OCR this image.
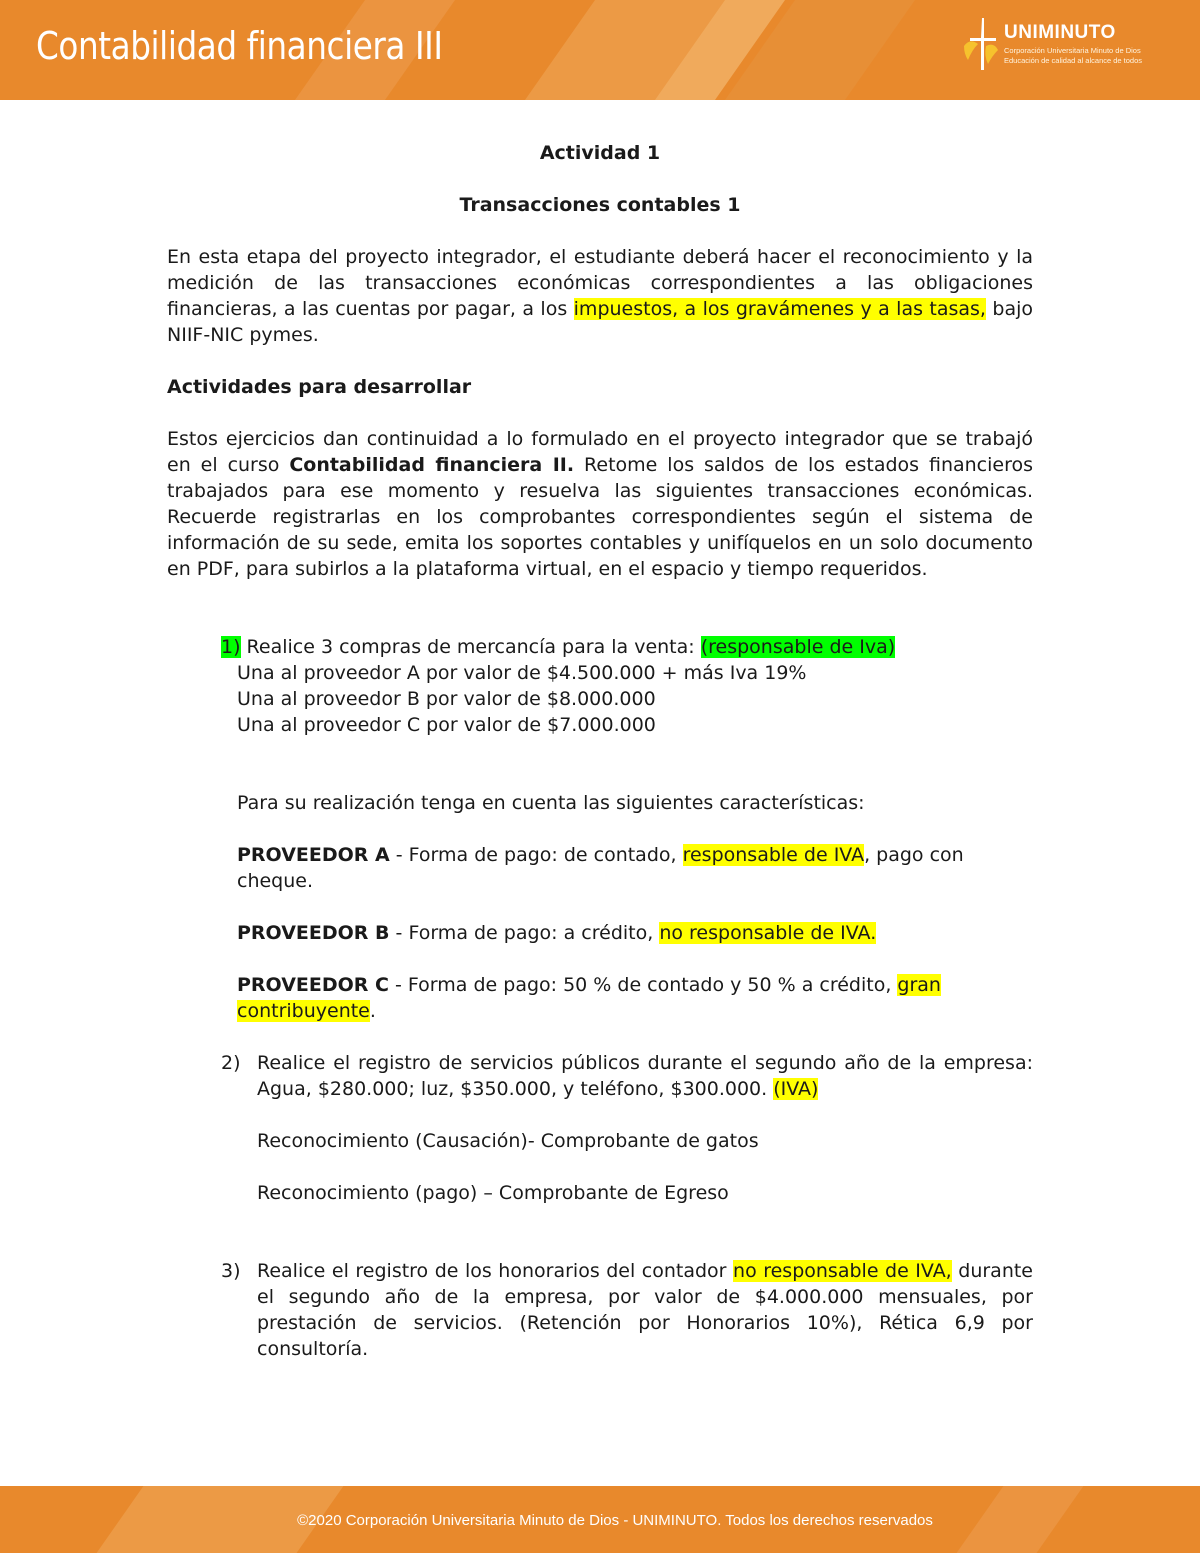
Contabilidad financiera III	UNIMINUTO
Corporación Universitaria Minuto de Dios
Educación de calidad al alcance de todos

Actividad 1

Transacciones contables 1

En esta etapa del proyecto integrador, el estudiante deberá hacer el reconocimiento y la medición de las transacciones económicas correspondientes a las obligaciones financieras, a las cuentas por pagar, a los impuestos, a los gravámenes y a las tasas, bajo NIIF-NIC pymes.

Actividades para desarrollar

Estos ejercicios dan continuidad a lo formulado en el proyecto integrador que se trabajó en el curso Contabilidad financiera II. Retome los saldos de los estados financieros trabajados para ese momento y resuelva las siguientes transacciones económicas. Recuerde registrarlas en los comprobantes correspondientes según el sistema de información de su sede, emita los soportes contables y unifíquelos en un solo documento en PDF, para subirlos a la plataforma virtual, en el espacio y tiempo requeridos.

1) Realice 3 compras de mercancía para la venta: (responsable de Iva)

Una al proveedor A por valor de $4.500.000 + más Iva 19%

Una al proveedor B por valor de $8.000.000

Una al proveedor C por valor de $7.000.000

Para su realización tenga en cuenta las siguientes características:

PROVEEDOR A - Forma de pago: de contado, responsable de IVA, pago con cheque.

PROVEEDOR B - Forma de pago: a crédito, no responsable de IVA.

PROVEEDOR C - Forma de pago: 50 % de contado y 50 % a crédito, gran contribuyente.

2) Realice el registro de servicios públicos durante el segundo año de la empresa: Agua, $280.000; luz, $350.000, y teléfono, $300.000. (IVA)

Reconocimiento (Causación)- Comprobante de gatos

Reconocimiento (pago) – Comprobante de Egreso

3) Realice el registro de los honorarios del contador no responsable de IVA, durante el segundo año de la empresa, por valor de $4.000.000 mensuales, por prestación de servicios. (Retención por Honorarios 10%), Rética 6,9 por consultoría.

©2020 Corporación Universitaria Minuto de Dios - UNIMINUTO. Todos los derechos reservados
